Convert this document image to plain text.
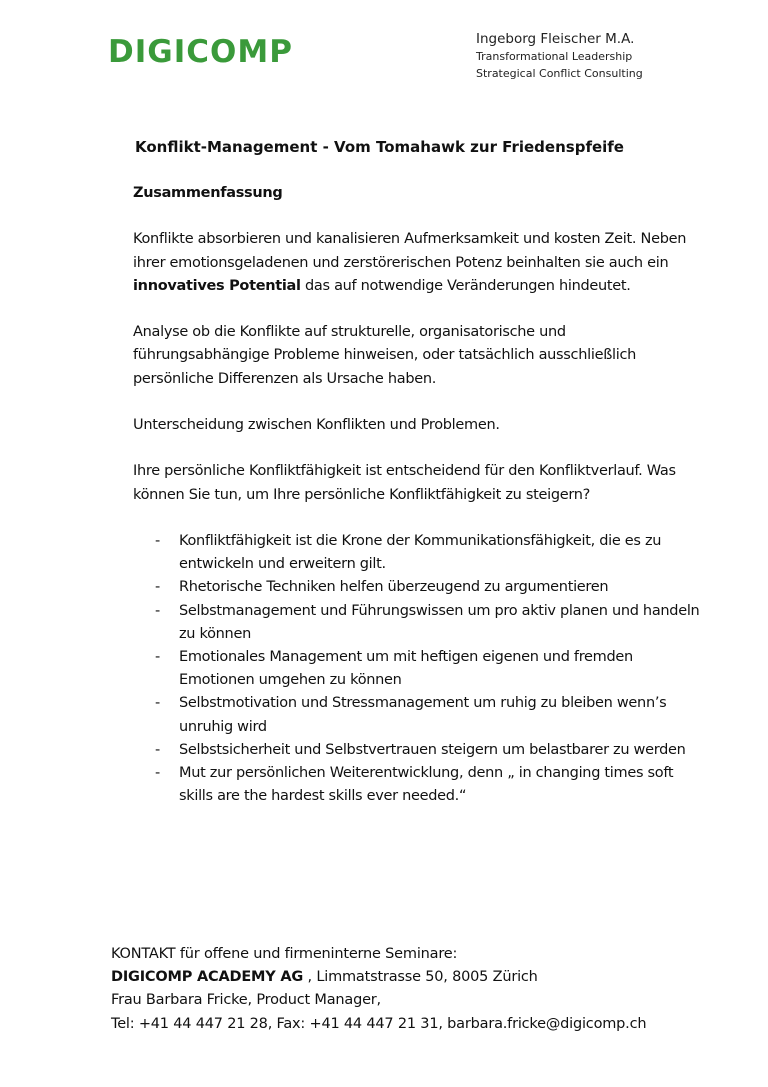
DIGICOMP	Ingeborg Fleischer M.A.
Transformational Leadership
Strategical Conflict Consulting
Konflikt-Management - Vom Tomahawk zur Friedenspfeife

Zusammenfassung

Konflikte absorbieren und kanalisieren Aufmerksamkeit und kosten Zeit. Neben ihrer emotionsgeladenen und zerstörerischen Potenz beinhalten sie auch ein innovatives Potential das auf notwendige Veränderungen hindeutet.

Analyse ob die Konflikte auf strukturelle, organisatorische und führungsabhängige Probleme hinweisen, oder tatsächlich ausschließlich persönliche Differenzen als Ursache haben.

Unterscheidung zwischen Konflikten und Problemen.

Ihre persönliche Konfliktfähigkeit ist entscheidend für den Konfliktverlauf. Was können Sie tun, um Ihre persönliche Konfliktfähigkeit zu steigern?

- Konfliktfähigkeit ist die Krone der Kommunikationsfähigkeit, die es zu entwickeln und erweitern gilt.
- Rhetorische Techniken helfen überzeugend zu argumentieren
- Selbstmanagement und Führungswissen um pro aktiv planen und handeln zu können
- Emotionales Management um mit heftigen eigenen und fremden Emotionen umgehen zu können
- Selbstmotivation und Stressmanagement um ruhig zu bleiben wenn’s unruhig wird
- Selbstsicherheit und Selbstvertrauen steigern um belastbarer zu werden
- Mut zur persönlichen Weiterentwicklung, denn „ in changing times soft skills are the hardest skills ever needed.“
KONTAKT für offene und firmeninterne Seminare:
DIGICOMP ACADEMY AG , Limmatstrasse 50, 8005 Zürich
Frau Barbara Fricke, Product Manager,
Tel: +41 44 447 21 28, Fax: +41 44 447 21 31, barbara.fricke@digicomp.ch
